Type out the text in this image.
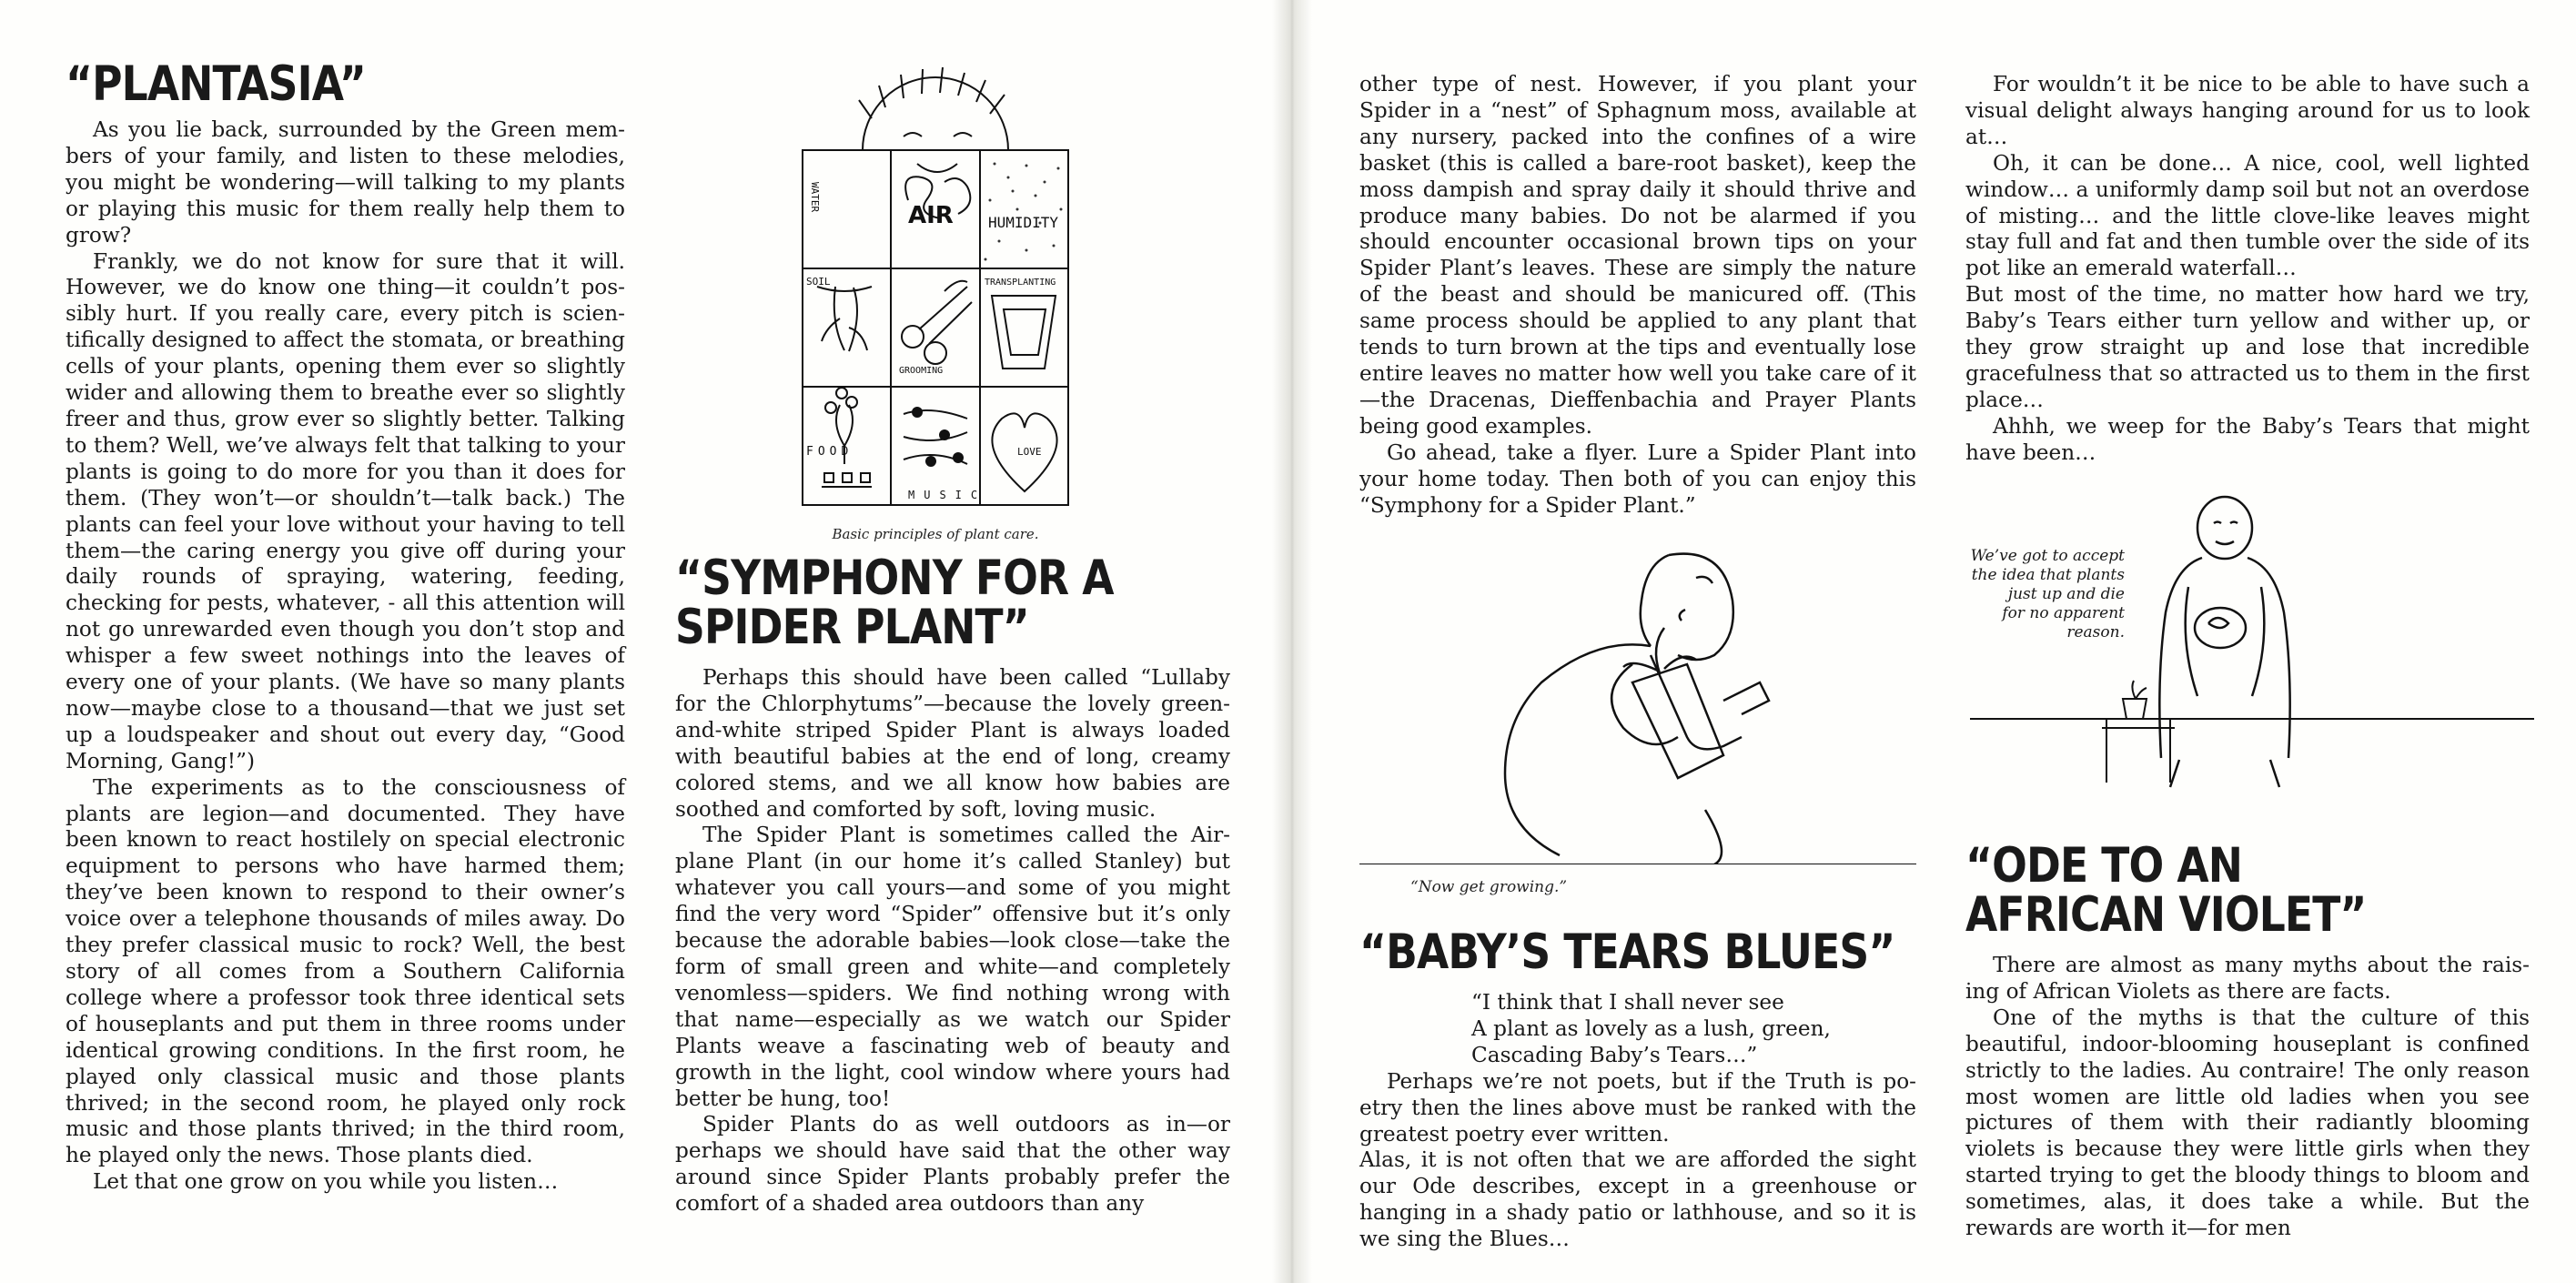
“PLANTASIA”

As you lie back, surrounded by the Green members of your family, and listen to these melodies, you might be wondering—will talking to my plants or playing this music for them really help them to grow?

Frankly, we do not know for sure that it will. However, we do know one thing—it couldn’t possibly hurt. If you really care, every pitch is scientifically designed to affect the stomata, or breathing cells of your plants, opening them ever so slightly wider and allowing them to breathe ever so slightly freer and thus, grow ever so slightly better. Talking to them? Well, we’ve always felt that talking to your plants is going to do more for you than it does for them. (They won’t—or shouldn’t—talk back.) The plants can feel your love without your having to tell them—the caring energy you give off during your daily rounds of spraying, watering, feeding, checking for pests, whatever, - all this attention will not go unrewarded even though you don’t stop and whisper a few sweet nothings into the leaves of every one of your plants. (We have so many plants now—maybe close to a thousand—that we just set up a loudspeaker and shout out every day, “Good Morning, Gang!”)

The experiments as to the consciousness of plants are legion—and documented. They have been known to react hostilely on special electronic equipment to persons who have harmed them; they’ve been known to respond to their owner’s voice over a telephone thousands of miles away. Do they prefer classical music to rock? Well, the best story of all comes from a Southern California college where a professor took three identical sets of houseplants and put them in three rooms under identical growing conditions. In the first room, he played only classical music and those plants thrived; in the second room, he played only rock music and those plants thrived; in the third room, he played only the news. Those plants died.

Let that one grow on you while you listen…

WATER
AIR HUMIDITY
SOIL
GROOMING
TRANSPLANTING
FOOD
MUSIC
LOVE
Basic principles of plant care.
“SYMPHONY FOR A
SPIDER PLANT”

Perhaps this should have been called “Lullaby for the Chlorphytums”—because the lovely green-and-white striped Spider Plant is always loaded with beautiful babies at the end of long, creamy colored stems, and we all know how babies are soothed and comforted by soft, loving music.

The Spider Plant is sometimes called the Airplane Plant (in our home it’s called Stanley) but whatever you call yours—and some of you might find the very word “Spider” offensive but it’s only because the adorable babies—look close—take the form of small green and white—and completely venomless—spiders. We find nothing wrong with that name—especially as we watch our Spider Plants weave a fascinating web of beauty and growth in the light, cool window where yours had better be hung, too!

Spider Plants do as well outdoors as in—or perhaps we should have said that the other way around since Spider Plants probably prefer the comfort of a shaded area outdoors than any

other type of nest. However, if you plant your Spider in a “nest” of Sphagnum moss, available at any nursery, packed into the confines of a wire basket (this is called a bare-root basket), keep the moss dampish and spray daily it should thrive and produce many babies. Do not be alarmed if you should encounter occasional brown tips on your Spider Plant’s leaves. These are simply the nature of the beast and should be manicured off. (This same process should be applied to any plant that tends to turn brown at the tips and eventually lose entire leaves no matter how well you take care of it—the Dracenas, Dieffenbachia and Prayer Plants being good examples.

Go ahead, take a flyer. Lure a Spider Plant into your home today. Then both of you can enjoy this “Symphony for a Spider Plant.”

“Now get growing.”
“BABY’S TEARS BLUES”

“I think that I shall never see

A plant as lovely as a lush, green,

Cascading Baby’s Tears…”

Perhaps we’re not poets, but if the Truth is poetry then the lines above must be ranked with the greatest poetry ever written.

Alas, it is not often that we are afforded the sight our Ode describes, except in a greenhouse or hanging in a shady patio or lathhouse, and so it is we sing the Blues…

For wouldn’t it be nice to be able to have such a visual delight always hanging around for us to look at…

Oh, it can be done… A nice, cool, well lighted window… a uniformly damp soil but not an overdose of misting… and the little clove-like leaves might stay full and fat and then tumble over the side of its pot like an emerald waterfall…

But most of the time, no matter how hard we try, Baby’s Tears either turn yellow and wither up, or they grow straight up and lose that incredible gracefulness that so attracted us to them in the first place…

Ahhh, we weep for the Baby’s Tears that might have been…

We’ve got to accept
the idea that plants
just up and die
for no apparent
reason.
“ODE TO AN
AFRICAN VIOLET”

There are almost as many myths about the raising of African Violets as there are facts.

One of the myths is that the culture of this beautiful, indoor-blooming houseplant is confined strictly to the ladies. Au contraire! The only reason most women are little old ladies when you see pictures of them with their radiantly blooming violets is because they were little girls when they started trying to get the bloody things to bloom and sometimes, alas, it does take a while. But the rewards are worth it—for men
